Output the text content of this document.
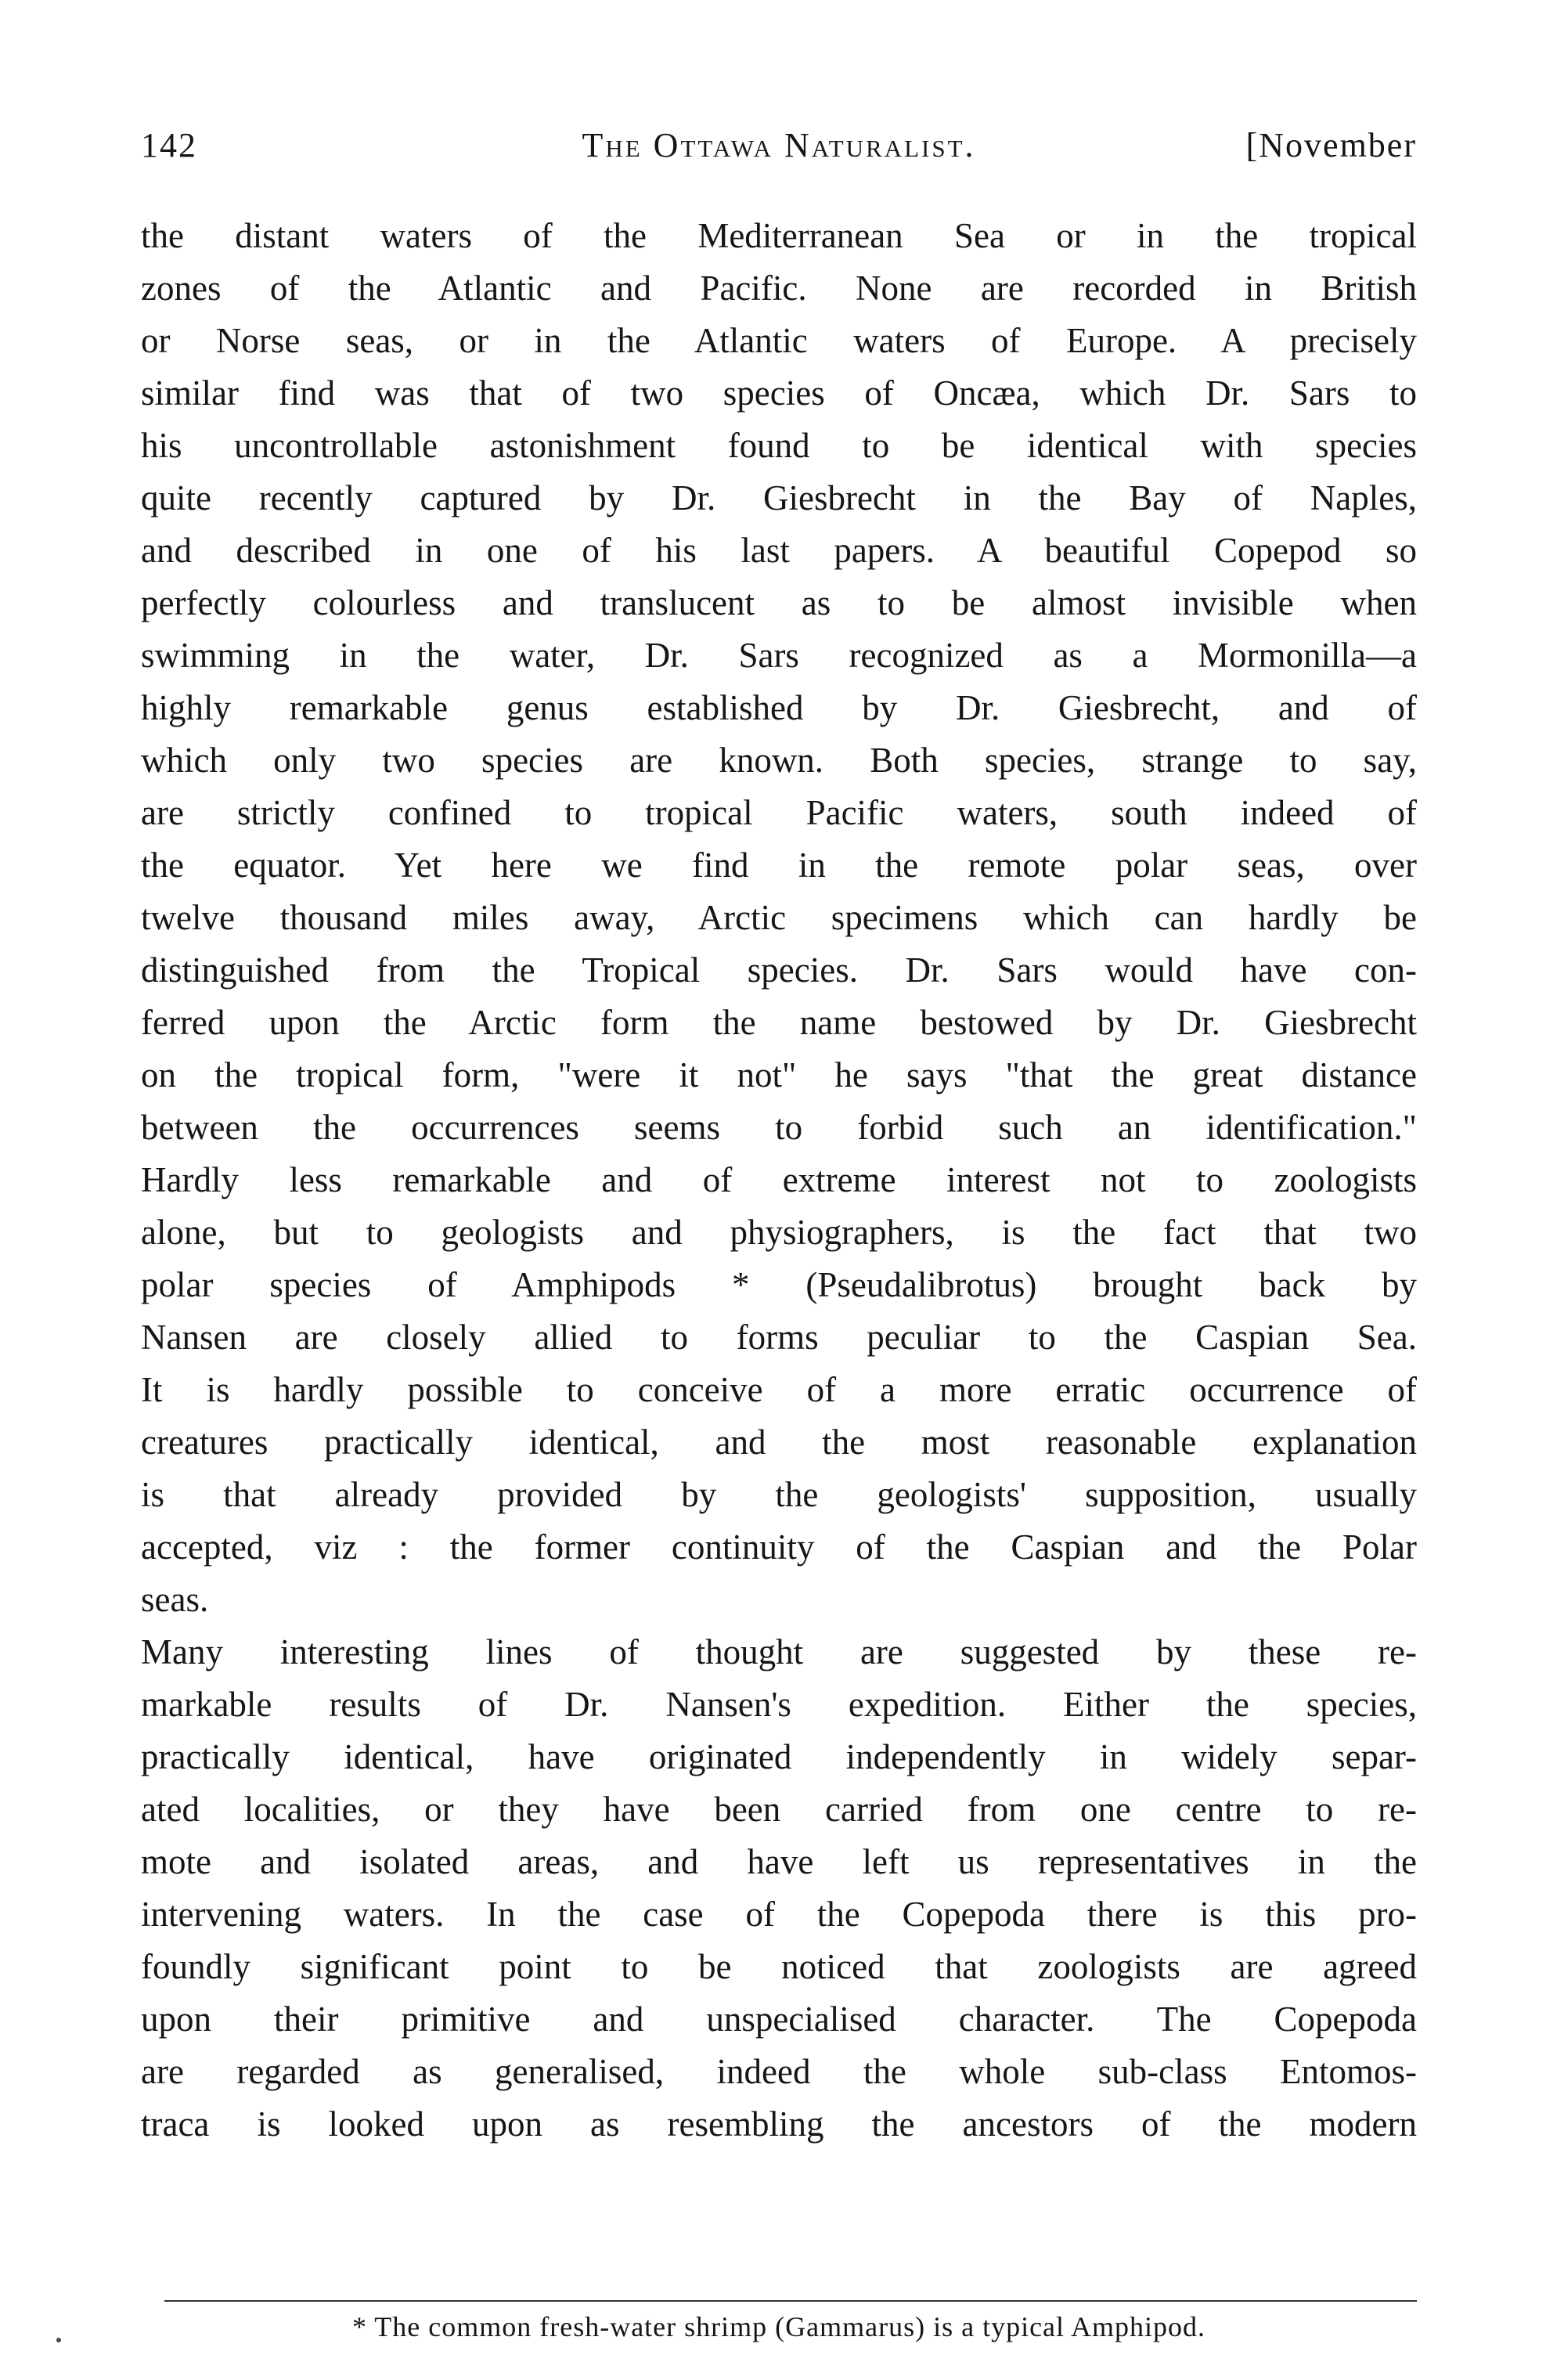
142	The Ottawa Naturalist.	[November
the distant waters of the Mediterranean Sea or in the tropical
zones of the Atlantic and Pacific. None are recorded in British
or Norse seas, or in the Atlantic waters of Europe. A precisely
similar find was that of two species of Oncæa, which Dr. Sars to
his uncontrollable astonishment found to be identical with species
quite recently captured by Dr. Giesbrecht in the Bay of Naples,
and described in one of his last papers. A beautiful Copepod so
perfectly colourless and translucent as to be almost invisible when
swimming in the water, Dr. Sars recognized as a Mormonilla—a
highly remarkable genus established by Dr. Giesbrecht, and of
which only two species are known. Both species, strange to say,
are strictly confined to tropical Pacific waters, south indeed of
the equator. Yet here we find in the remote polar seas, over
twelve thousand miles away, Arctic specimens which can hardly be
distinguished from the Tropical species. Dr. Sars would have con-
ferred upon the Arctic form the name bestowed by Dr. Giesbrecht
on the tropical form, "were it not" he says "that the great distance
between the occurrences seems to forbid such an identification."
Hardly less remarkable and of extreme interest not to zoologists
alone, but to geologists and physiographers, is the fact that two
polar species of Amphipods * (Pseudalibrotus) brought back by
Nansen are closely allied to forms peculiar to the Caspian Sea.
It is hardly possible to conceive of a more erratic occurrence of
creatures practically identical, and the most reasonable explanation
is that already provided by the geologists' supposition, usually
accepted, viz : the former continuity of the Caspian and the Polar
seas.
Many interesting lines of thought are suggested by these re-
markable results of Dr. Nansen's expedition. Either the species,
practically identical, have originated independently in widely separ-
ated localities, or they have been carried from one centre to re-
mote and isolated areas, and have left us representatives in the
intervening waters. In the case of the Copepoda there is this pro-
foundly significant point to be noticed that zoologists are agreed
upon their primitive and unspecialised character. The Copepoda
are regarded as generalised, indeed the whole sub-class Entomos-
traca is looked upon as resembling the ancestors of the modern
* The common fresh-water shrimp (Gammarus) is a typical Amphipod.
